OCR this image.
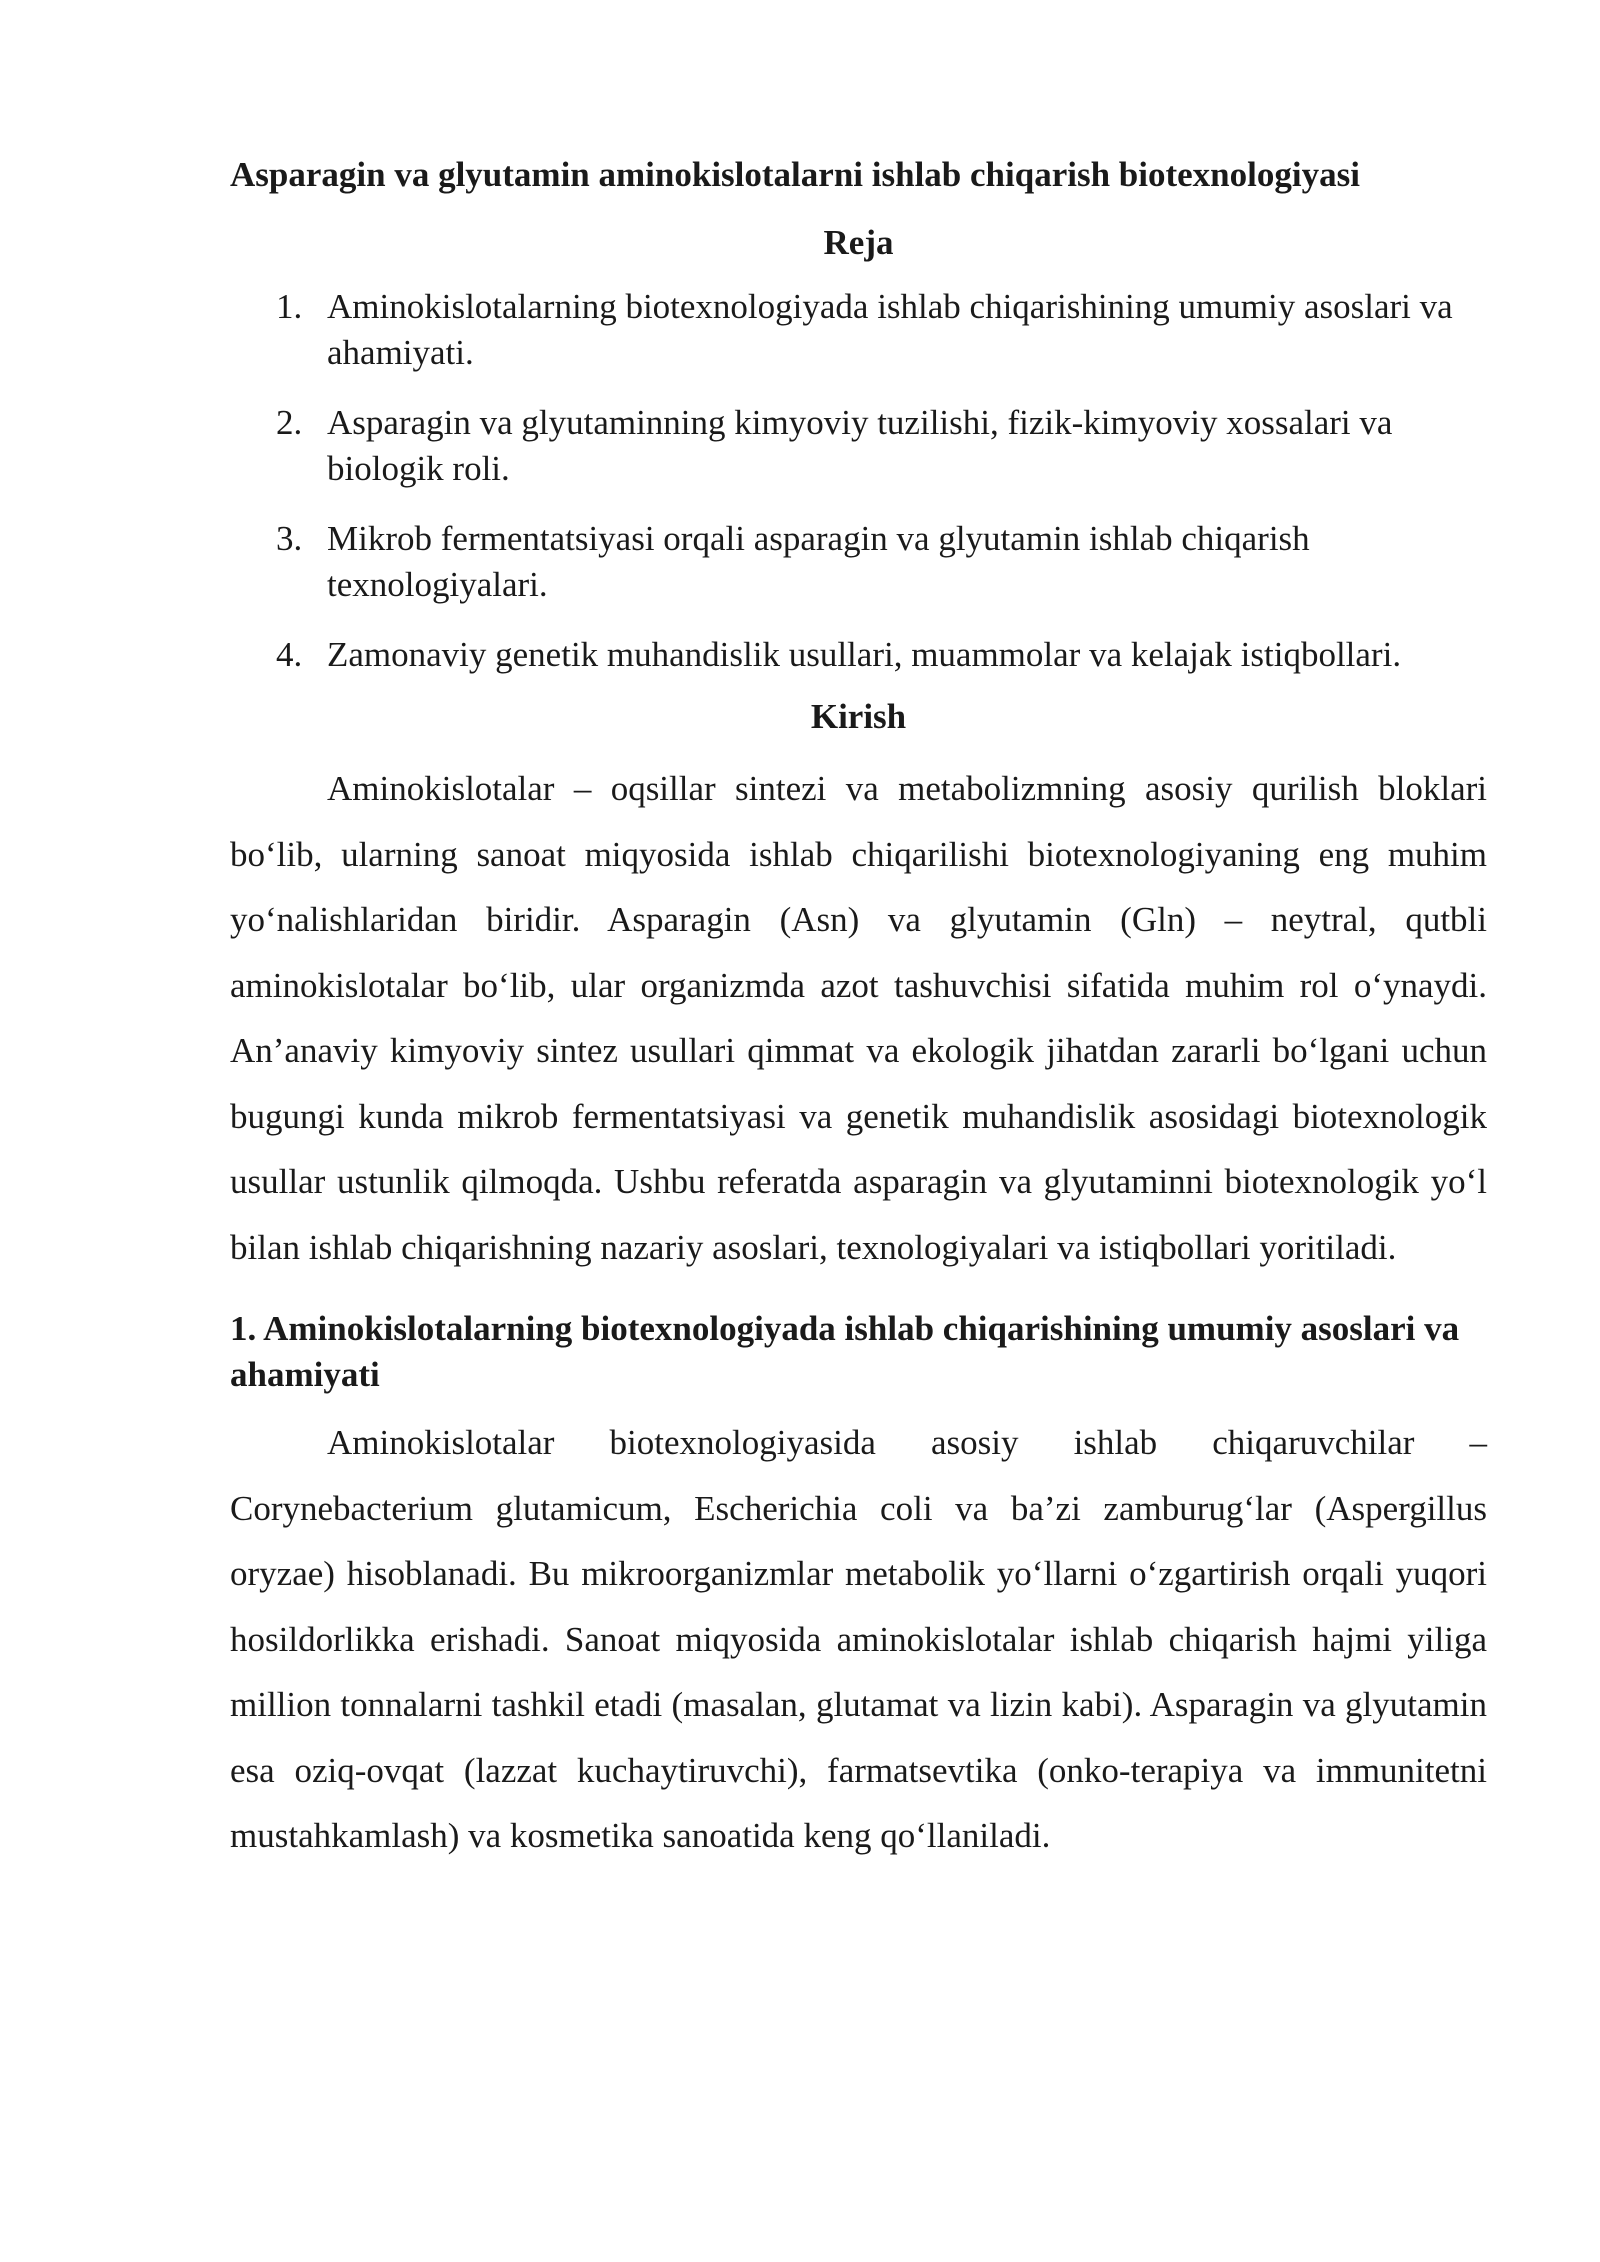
Asparagin va glyutamin aminokislotalarni ishlab chiqarish biotexnologiyasi
Reja
1. Aminokislotalarning biotexnologiyada ishlab chiqarishining umumiy asoslari va ahamiyati.
2. Asparagin va glyutaminning kimyoviy tuzilishi, fizik-kimyoviy xossalari va biologik roli.
3. Mikrob fermentatsiyasi orqali asparagin va glyutamin ishlab chiqarish texnologiyalari.
4. Zamonaviy genetik muhandislik usullari, muammolar va kelajak istiqbollari.
Kirish

Aminokislotalar – oqsillar sintezi va metabolizmning asosiy qurilish bloklari bo‘lib, ularning sanoat miqyosida ishlab chiqarilishi biotexnologiyaning eng muhim yo‘nalishlaridan biridir. Asparagin (Asn) va glyutamin (Gln) – neytral, qutbli aminokislotalar bo‘lib, ular organizmda azot tashuvchisi sifatida muhim rol o‘ynaydi. An’anaviy kimyoviy sintez usullari qimmat va ekologik jihatdan zararli bo‘lgani uchun bugungi kunda mikrob fermentatsiyasi va genetik muhandislik asosidagi biotexnologik usullar ustunlik qilmoqda. Ushbu referatda asparagin va glyutaminni biotexnologik yo‘l bilan ishlab chiqarishning nazariy asoslari, texnologiyalari va istiqbollari yoritiladi.

1. Aminokislotalarning biotexnologiyada ishlab chiqarishining umumiy asoslari va ahamiyati

Aminokislotalar biotexnologiyasida asosiy ishlab chiqaruvchilar – Corynebacterium glutamicum, Escherichia coli va ba’zi zamburug‘lar (Aspergillus oryzae) hisoblanadi. Bu mikroorganizmlar metabolik yo‘llarni o‘zgartirish orqali yuqori hosildorlikka erishadi. Sanoat miqyosida aminokislotalar ishlab chiqarish hajmi yiliga million tonnalarni tashkil etadi (masalan, glutamat va lizin kabi). Asparagin va glyutamin esa oziq-ovqat (lazzat kuchaytiruvchi), farmatsevtika (onko-terapiya va immunitetni mustahkamlash) va kosmetika sanoatida keng qo‘llaniladi.
